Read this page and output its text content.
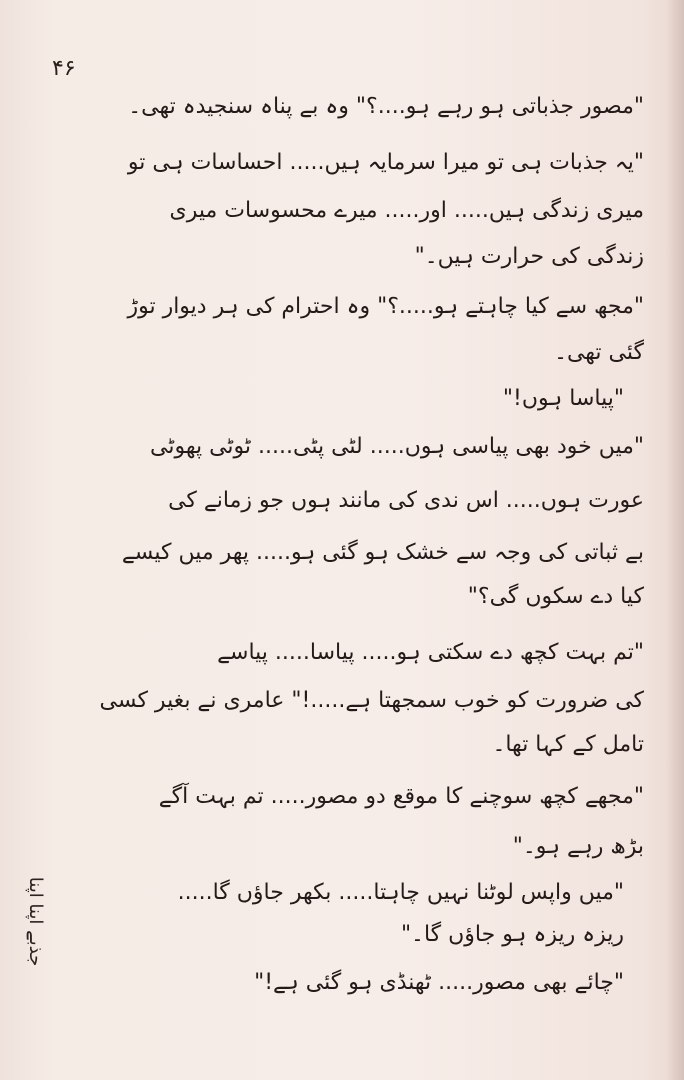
۴۶
"مصور جذباتی ہو رہے ہو....؟" وہ بے پناہ سنجیدہ تھی۔
"یہ جذبات ہی تو میرا سرمایہ ہیں..... احساسات ہی تو
میری زندگی ہیں..... اور..... میرے محسوسات میری
زندگی کی حرارت ہیں۔"
"مجھ سے کیا چاہتے ہو.....؟" وہ احترام کی ہر دیوار توڑ
گئی تھی۔
"پیاسا ہوں!"
"میں خود بھی پیاسی ہوں..... لٹی پٹی..... ٹوٹی پھوٹی
عورت ہوں..... اس ندی کی مانند ہوں جو زمانے کی
بے ثباتی کی وجہ سے خشک ہو گئی ہو..... پھر میں کیسے
کیا دے سکوں گی؟"
"تم بہت کچھ دے سکتی ہو..... پیاسا..... پیاسے
کی ضرورت کو خوب سمجھتا ہے.....!" عامری نے بغیر کسی
تامل کے کہا تھا۔
"مجھے کچھ سوچنے کا موقع دو مصور..... تم بہت آگے
بڑھ رہے ہو۔"
"میں واپس لوٹنا نہیں چاہتا..... بکھر جاؤں گا.....
ریزہ ریزہ ہو جاؤں گا۔"
"چائے بھی مصور..... ٹھنڈی ہو گئی ہے!"
جذبے اپنا اپنا
